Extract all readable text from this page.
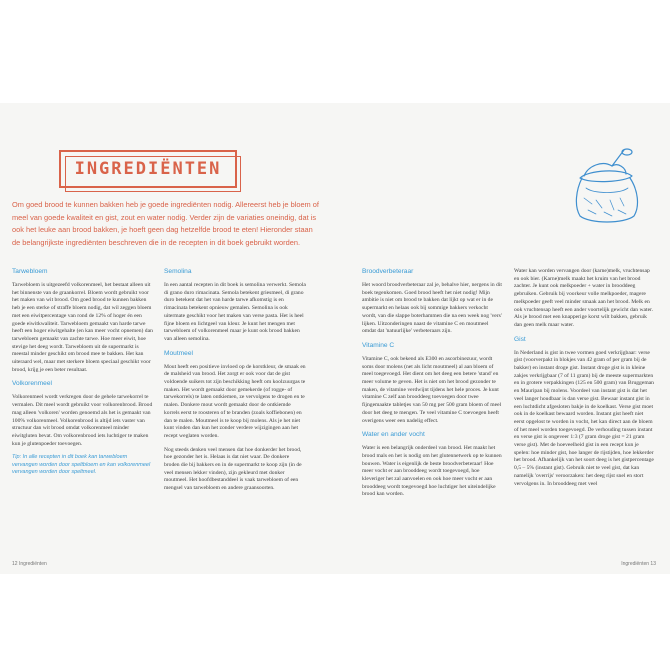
INGREDIËNTEN
Om goed brood te kunnen bakken heb je goede ingrediënten nodig. Allereerst heb je bloem of meel van goede kwaliteit en gist, zout en water nodig. Verder zijn de variaties oneindig, dat is ook het leuke aan brood bakken, je hoeft geen dag hetzelfde brood te eten! Hieronder staan de belangrijkste ingrediënten beschreven die in de recepten in dit boek gebruikt worden.

Tarwebloem

Tarwebloem is uitgezeefd volkorenmeel, het bestaat alleen uit het binnenste van de graankorrel. Bloem wordt gebruikt voor het maken van wit brood. Om goed brood te kunnen bakken heb je een sterke of straffe bloem nodig, dat wil zeggen bloem met een eiwitpercentage van rond de 12% of hoger én een goede eiwitkwaliteit. Tarwebloem gemaakt van harde tarwe heeft een hoger eiwitgehalte (en kan meer vocht opnemen) dan tarwebloem gemaakt van zachte tarwe. Hoe meer eiwit, hoe stevige het deeg wordt. Tarwebloem uit de supermarkt is meestal minder geschikt om brood mee te bakken. Het kan uiteraard wel, maar met sterkere bloem speciaal geschikt voor brood, krijg je een beter resultaat.

Volkorenmeel

Volkorenmeel wordt verkregen door de gehele tarwekorrel te vermalen. Dit meel wordt gebruikt voor volkorenbrood. Brood mag alleen 'volkoren' worden genoemd als het is gemaakt van 100% volkorenmeel. Volkorenbrood is altijd iets vaster van structuur dan wit brood omdat volkorenmeel minder eiwitgluten bevat. Om volkorenbrood iets luchtiger te maken kun je glutenpoeder toevoegen.

Tip: In alle recepten in dit boek kan tarwebloem vervangen worden door speltbloem en kan volkorenmeel vervangen worden door speltmeel.

Semolina

In een aantal recepten in dit boek is semolina verwerkt. Semola di grano duro rimacinata. Semola betekent griesmeel, di grano duro betekent dat het van harde tarwe afkomstig is en rimacinata betekent opnieuw gemalen. Semolina is ook uitermate geschikt voor het maken van verse pasta. Het is heel fijne bloem en lichtgeel van kleur. Je kunt het mengen met tarwebloem of volkorenmeel maar je kunt ook brood bakken van alleen semolina.

Moutmeel

Mout heeft een positieve invloed op de korstkleur, de smaak en de malsheid van brood. Het zorgt er ook voor dat de gist voldoende suikers tot zijn beschikking heeft om koolzuurgas te maken. Het wordt gemaakt door gemekerde (of rogge- of tarwekorrels) te laten ontkiemen, ze vervolgens te drogen en te malen. Donkere mout wordt gemaakt door de ontkiemde korrels eerst te roosteren of te branden (zoals koffiebonen) en dan te malen. Moutmeel is te koop bij molens. Als je het niet kunt vinden dan kun het zonder verdere wijzigingen aan het recept weglaten worden.

Nog steeds denken veel mensen dat hoe donkerder het brood, hoe gezonder het is. Helaas is dat niet waar. De donkere broden die bij bakkers en in de supermarkt te koop zijn (in de veel mensen lekker vinden), zijn gekleurd met donker moutmeel. Het hoofdbestanddeel is vaak tarwebloem of een mengsel van tarwebloem en andere graansoorten.

12 Ingrediënten

Broodverbeteraar

Het woord broodverbeteraar zal je, behalve hier, nergens in dit boek tegenkomen. Goed brood heeft het niet nodig! Mijn ambitie is niet om brood te bakken dat lijkt op wat er in de supermarkt en helaas ook bij sommige bakkers verkocht wordt, van die slappe boterhammen die na een week nog 'vers' lijken. Uitzonderingen naast de vitamine C en moutmeel omdat dat 'natuurlijke' verbeteraars zijn.

Vitamine C

Vitamine C, ook bekend als E300 en ascorbinezuur, wordt soms door molens (net als licht moutmeel) al aan bloem of meel toegevoegd. Het dient om het deeg een betere 'stand' en meer volume te geven. Het is niet om het brood gezonder te maken, de vitamine verdwijnt tijdens het hele proces. Je kunt vitamine C zelf aan brooddeeg toevoegen door twee fijngemaakte tabletjes van 50 mg per 500 gram bloem of meel door het deeg te mengen. Te veel vitamine C toevoegen heeft overigens weer een nadelig effect.

Water en ander vocht

Water is een belangrijk onderdeel van brood. Het maakt het brood mals en het is nodig om het glutennetwerk op te kunnen bouwen. Water is eigenlijk de beste broodverbeteraar! Hoe meer vocht er aan brooddeeg wordt toegevoegd, hoe kleveriger het zal aanvoelen en ook hoe meer vocht er aan brooddeeg wordt toegevoegd hoe luchtiger het uiteindelijke brood kan worden.

Water kan worden vervangen door (karne)melk, vruchtensap en ook bier. (Karne)melk maakt het kruim van het brood zachter. Je kunt ook melkpoeder + water in brooddeeg gebruiken. Gebruik bij voorkeur volle melkpoeder, magere melkpoeder geeft veel minder smaak aan het brood. Melk en ook vruchtensap heeft een ander voortelijk gewicht dan water. Als je brood met een knapperige korst wilt bakken, gebruik dan geen melk maar water.

Gist

In Nederland is gist in twee vormen goed verkrijgbaar: verse gist (voorverpakt in blokjes van 42 gram of per gram bij de bakker) en instant droge gist. Instant droge gist is in kleine zakjes verkrijgbaar (7 of 11 gram) bij de meeste supermarkten en in grotere verpakkingen (125 en 500 gram) van Bruggeman en Mauripan bij molens. Voordeel van instant gist is dat het veel langer houdbaar is dan verse gist. Bewaar instant gist in een luchtdicht afgesloten bakje in de koelkast. Verse gist moet ook in de koelkast bewaard worden. Instant gist heeft niet eerst opgelost te worden in vocht, het kan direct aan de bloem of het meel worden toegevoegd. De verhouding tussen instant en verse gist is ongeveer 1:3 (7 gram droge gist = 21 gram verse gist). Met de hoeveelheid gist in een recept kun je spelen: hoe minder gist, hoe langer de rijstijden, hoe lekkerder het brood. Afhankelijk van het soort deeg is het gistpercentage 0,5 – 5% (instant gist). Gebruik niet te veel gist, dat kan namelijk 'overrijs' veroorzaken: het deeg rijst snel en stort vervolgens in. In brooddeeg met veel

Ingrediënten 13
